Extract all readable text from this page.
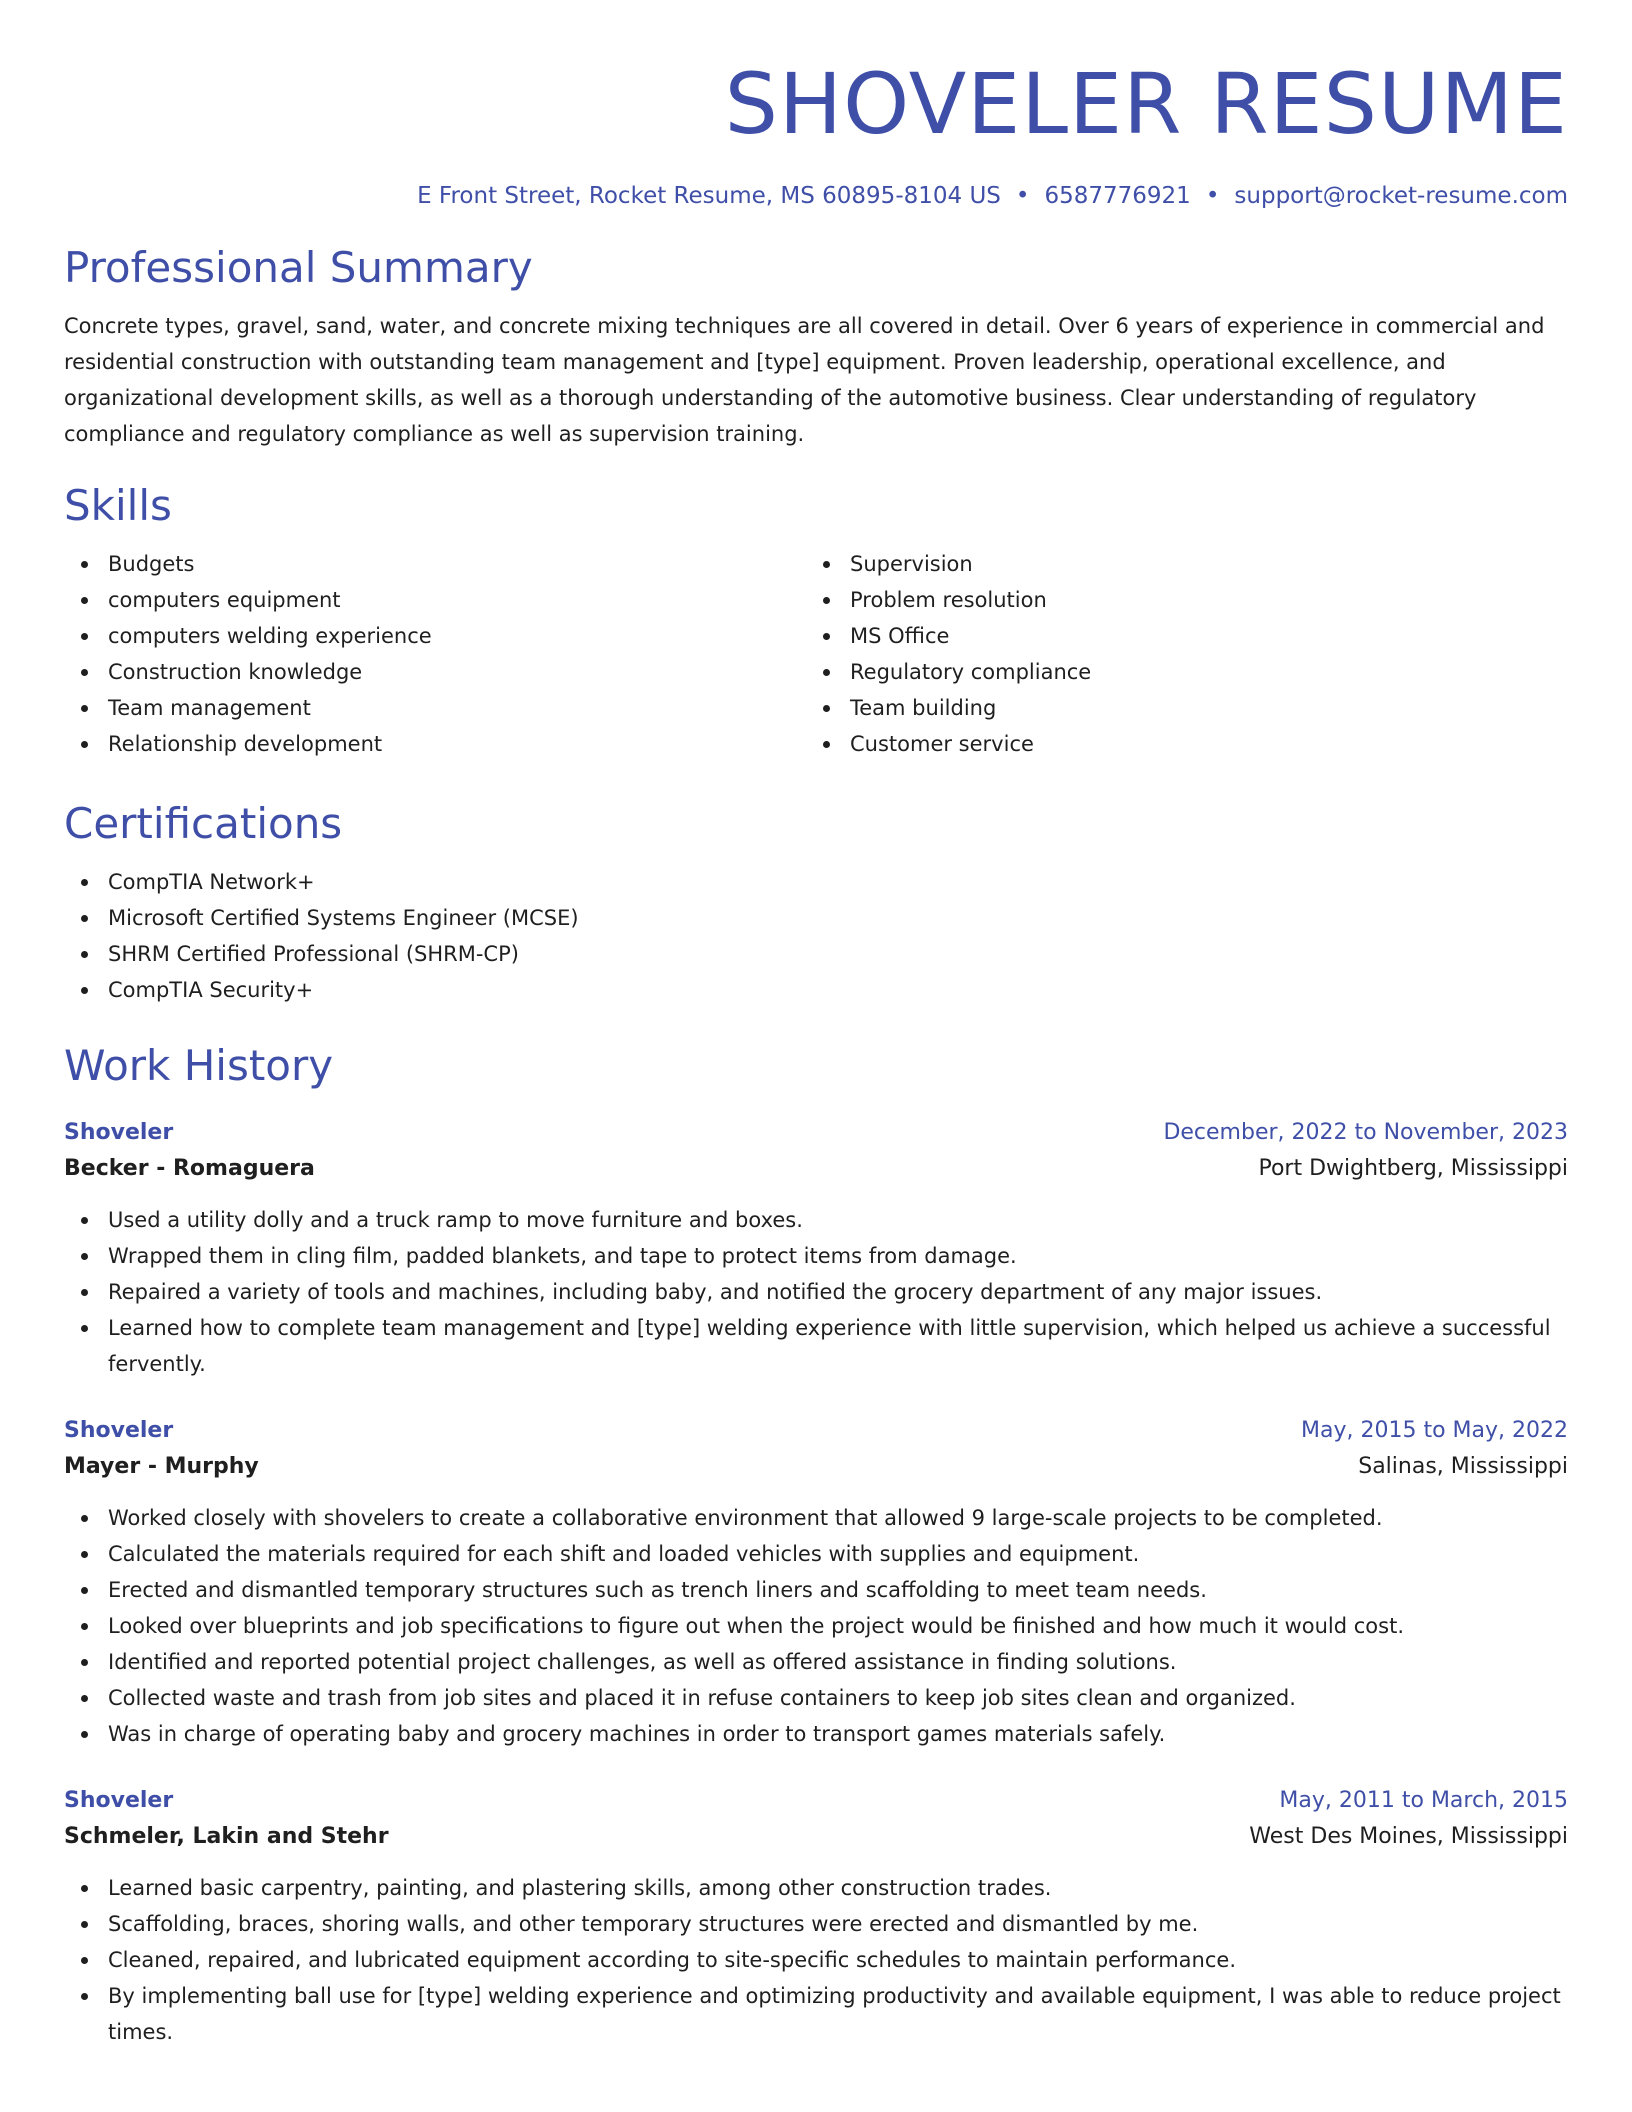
SHOVELER RESUME
E Front Street, Rocket Resume, MS 60895-8104 US • 6587776921 • support@rocket-resume.com
Professional Summary

Concrete types, gravel, sand, water, and concrete mixing techniques are all covered in detail. Over 6 years of experience in commercial and residential construction with outstanding team management and [type] equipment. Proven leadership, operational excellence, and organizational development skills, as well as a thorough understanding of the automotive business. Clear understanding of regulatory compliance and regulatory compliance as well as supervision training.

Skills
Budgets
computers equipment
computers welding experience
Construction knowledge
Team management
Relationship development
Supervision
Problem resolution
MS Office
Regulatory compliance
Team building
Customer service
Certifications
CompTIA Network+
Microsoft Certified Systems Engineer (MCSE)
SHRM Certified Professional (SHRM-CP)
CompTIA Security+
Work History
Shoveler	December, 2022 to November, 2023
Becker - Romaguera	Port Dwightberg, Mississippi
Used a utility dolly and a truck ramp to move furniture and boxes.
Wrapped them in cling film, padded blankets, and tape to protect items from damage.
Repaired a variety of tools and machines, including baby, and notified the grocery department of any major issues.
Learned how to complete team management and [type] welding experience with little supervision, which helped us achieve a successful fervently.
Shoveler	May, 2015 to May, 2022
Mayer - Murphy	Salinas, Mississippi
Worked closely with shovelers to create a collaborative environment that allowed 9 large-scale projects to be completed.
Calculated the materials required for each shift and loaded vehicles with supplies and equipment.
Erected and dismantled temporary structures such as trench liners and scaffolding to meet team needs.
Looked over blueprints and job specifications to figure out when the project would be finished and how much it would cost.
Identified and reported potential project challenges, as well as offered assistance in finding solutions.
Collected waste and trash from job sites and placed it in refuse containers to keep job sites clean and organized.
Was in charge of operating baby and grocery machines in order to transport games materials safely.
Shoveler	May, 2011 to March, 2015
Schmeler, Lakin and Stehr	West Des Moines, Mississippi
Learned basic carpentry, painting, and plastering skills, among other construction trades.
Scaffolding, braces, shoring walls, and other temporary structures were erected and dismantled by me.
Cleaned, repaired, and lubricated equipment according to site-specific schedules to maintain performance.
By implementing ball use for [type] welding experience and optimizing productivity and available equipment, I was able to reduce project times.
